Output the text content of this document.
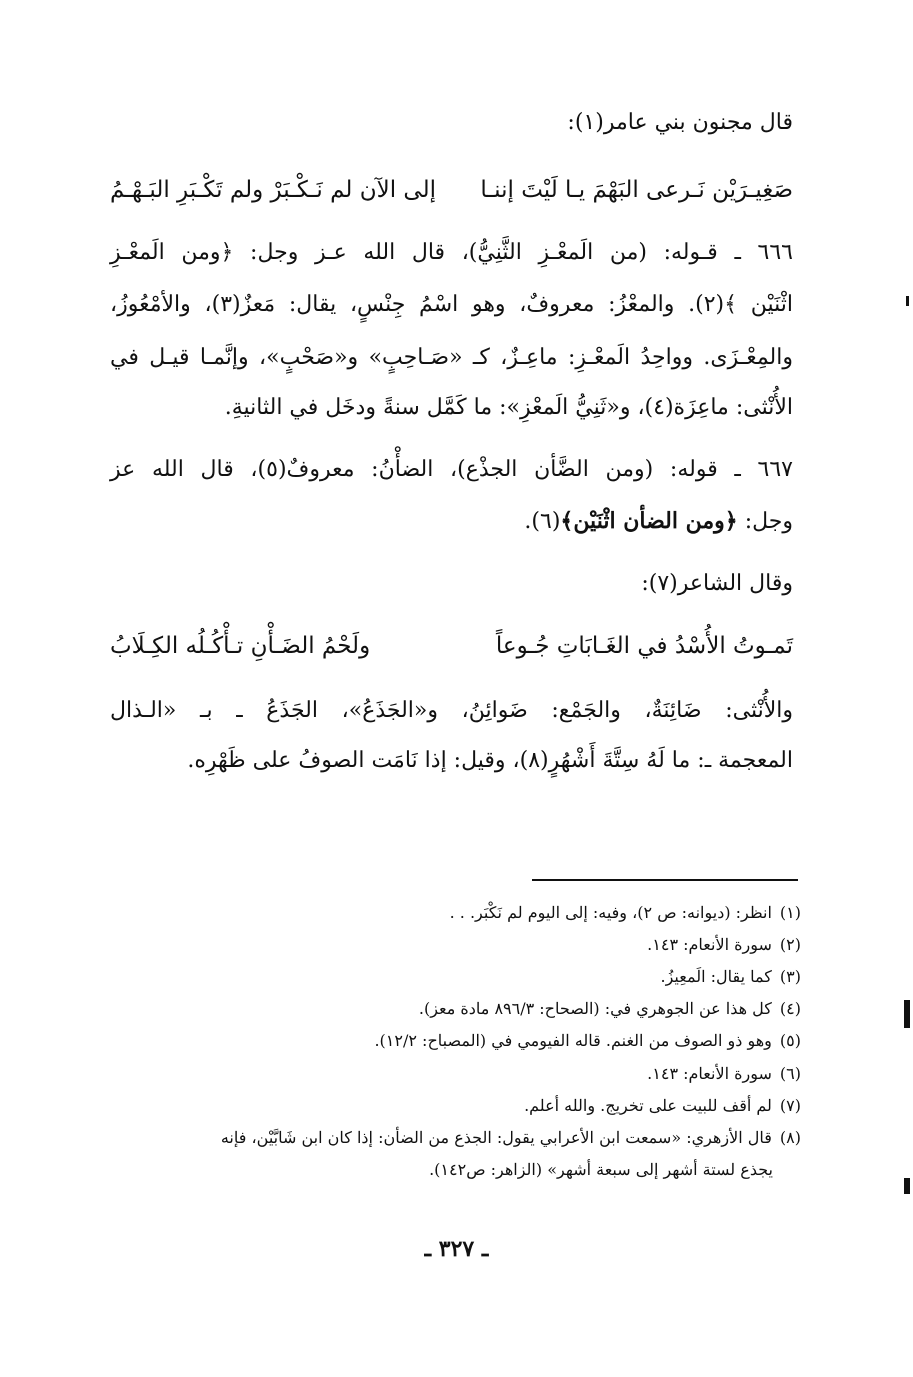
قال مجنون بني عامر(١):
صَغِيـرَيْن نَـرعى البَهْمَ يـا لَيْتَ إننـا
إلى الآن لم نَـكْـبَرْ ولم تَكْـبَرِ البَـهْـمُ
٦٦٦ ـ قـوله: (من الَمعْـزِ الثَّنِيُّ)، قال الله عـز وجل: ﴿ومن الَمعْـزِ
اثْنَيْن ﴾(٢). والمعْزُ: معروفٌ، وهو اسْمُ جِنْسٍ، يقال: مَعزٌ(٣)، والأمْعُوزُ،
والمِعْـزَى. وواحِدُ الَمعْـزِ: ماعِـزٌ، كـ «صَـاحِبٍ» و«صَحْبٍ»، وإنَّمـا قيـل في
الأُنْثى: ماعِزَة(٤)، و«ثَنِيُّ الَمعْزِ»: ما كَمَّل سنةً ودخَل في الثانيةِ.
٦٦٧ ـ قوله: (ومن الضَّأن الجذْع)، الضأْنُ: معروفٌ(٥)، قال الله عز
وجل: ﴿ومن الضأن اثْنَيْن﴾(٦).
وقال الشاعر(٧):
تَمـوتُ الأُسْدُ في الغَـابَاتِ جُـوعاً
ولَحْمُ الضَـأْنِ تـأْكُـلُه الكِـلَابُ
والأُنْثى: ضَائِنَةٌ، والجَمْع: ضَوائِنُ، و«الجَذَعُ»، الجَذَعُ ـ بـ «الـذال
المعجمة ـ: ما لَهُ سِتَّةَ أَشْهُرٍ(٨)، وقيل: إذا نَامَت الصوفُ على ظَهْرِه.
(١)انظر: (ديوانه: ص ٢)، وفيه: إلى اليوم لم نَكْبَر. . .
(٢)سورة الأنعام: ١٤٣.
(٣)كما يقال: الَمعِيزُ.
(٤)كل هذا عن الجوهري في: (الصحاح: ٨٩٦/٣ مادة معز).
(٥)وهو ذو الصوف من الغنم. قاله الفيومي في (المصباح: ١٢/٢).
(٦)سورة الأنعام: ١٤٣.
(٧)لم أقف للبيت على تخريج. والله أعلم.
(٨)قال الأزهري: «سمعت ابن الأعرابي يقول: الجذع من الضأن: إذا كان ابن شَابَّيْن، فإنه
يجذع لستة أشهر إلى سبعة أشهر» (الزاهر: ص١٤٢).
ـ ٣٢٧ ـ
